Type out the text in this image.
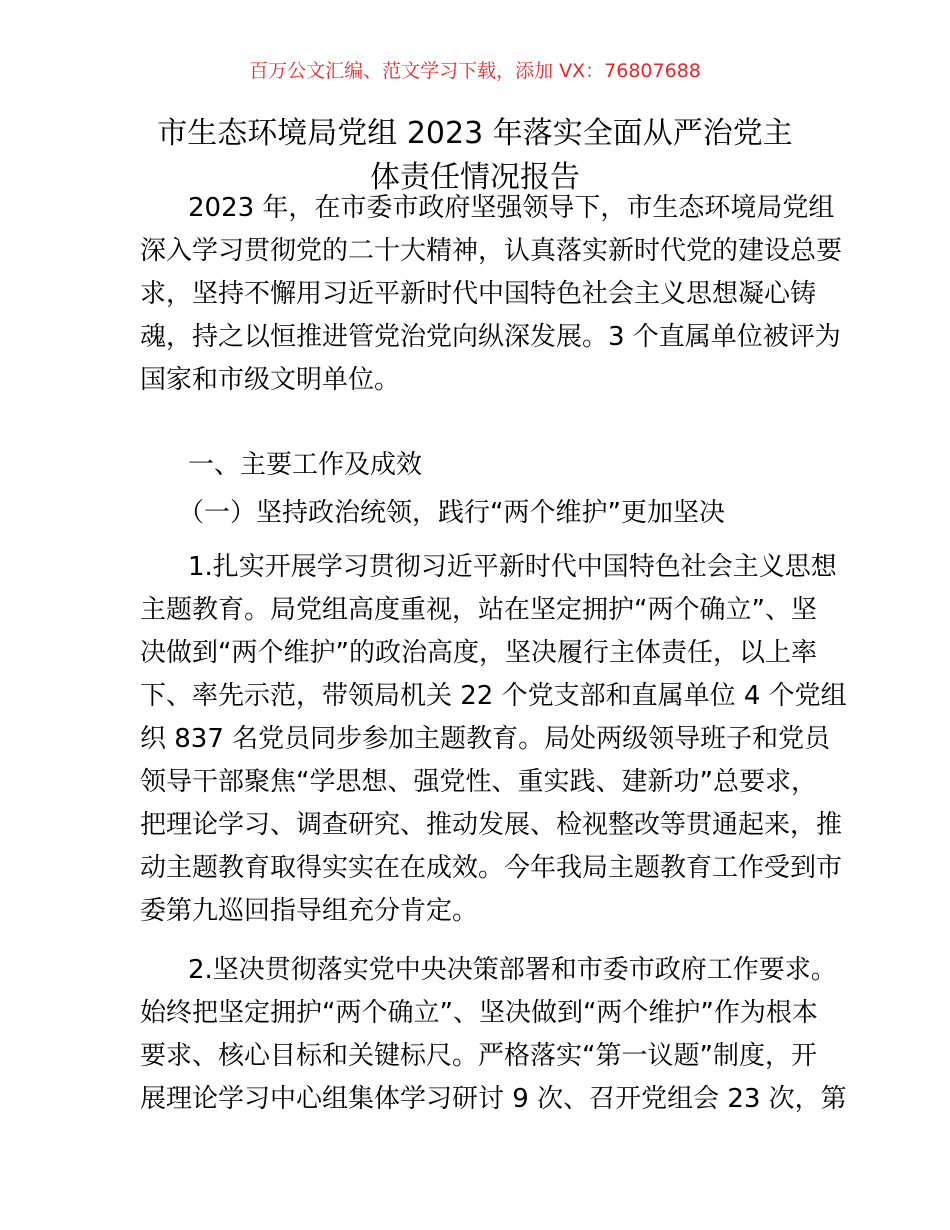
百万公文汇编、范文学习下载，添加 VX：76807688
市生态环境局党组 2023 年落实全面从严治党主
体责任情况报告
2023 年，在市委市政府坚强领导下，市生态环境局党组
深入学习贯彻党的二十大精神，认真落实新时代党的建设总要
求，坚持不懈用习近平新时代中国特色社会主义思想凝心铸
魂，持之以恒推进管党治党向纵深发展。3 个直属单位被评为
国家和市级文明单位。
一、主要工作及成效
（一）坚持政治统领，践行“两个维护”更加坚决
1.扎实开展学习贯彻习近平新时代中国特色社会主义思想
主题教育。局党组高度重视，站在坚定拥护“两个确立”、坚
决做到“两个维护”的政治高度，坚决履行主体责任，以上率
下、率先示范，带领局机关 22 个党支部和直属单位 4 个党组
织 837 名党员同步参加主题教育。局处两级领导班子和党员
领导干部聚焦“学思想、强党性、重实践、建新功”总要求，
把理论学习、调查研究、推动发展、检视整改等贯通起来，推
动主题教育取得实实在在成效。今年我局主题教育工作受到市
委第九巡回指导组充分肯定。
2.坚决贯彻落实党中央决策部署和市委市政府工作要求。
始终把坚定拥护“两个确立”、坚决做到“两个维护”作为根本
要求、核心目标和关键标尺。严格落实“第一议题”制度，开
展理论学习中心组集体学习研讨 9 次、召开党组会 23 次，第
